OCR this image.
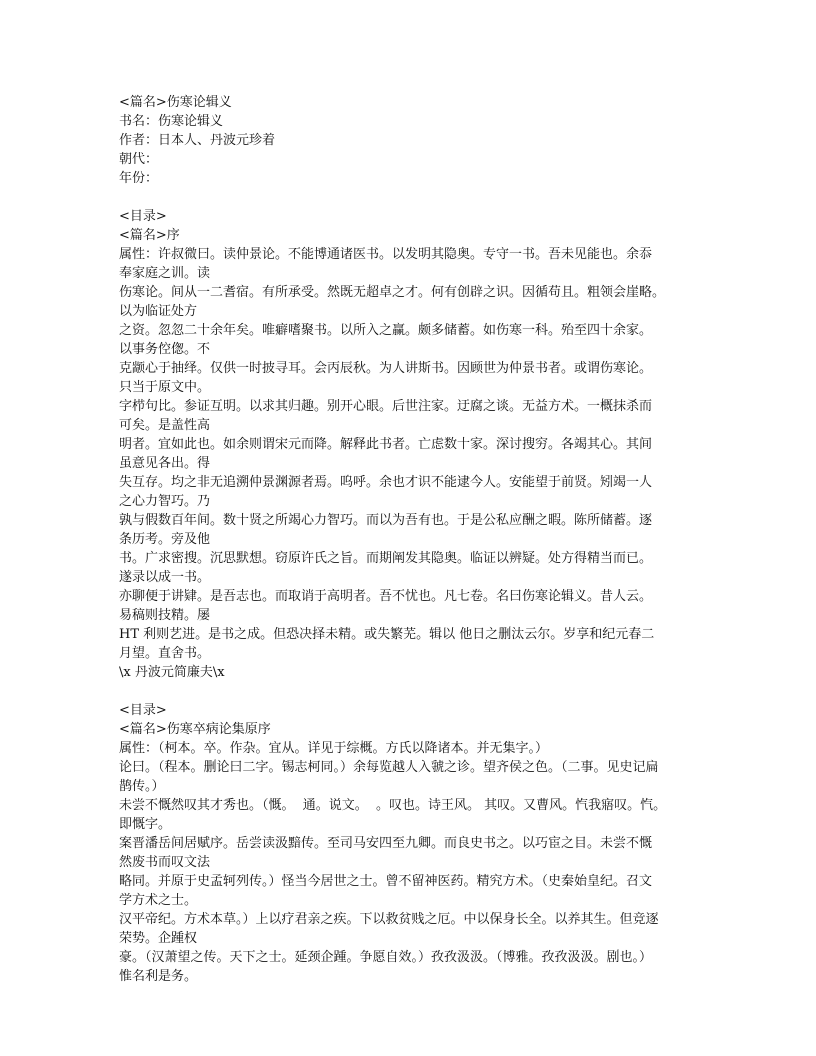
<篇名>伤寒论辑义
书名：伤寒论辑义
作者：日本人、丹波元珍着
朝代：
年份：
<目录>
<篇名>序
属性：许叔微曰。读仲景论。不能博通诸医书。以发明其隐奥。专守一书。吾未见能也。余忝
奉家庭之训。读
伤寒论。间从一二耆宿。有所承受。然既无超卓之才。何有创辟之识。因循苟且。粗领会崖略。
以为临证处方
之资。忽忽二十余年矣。唯癖嗜聚书。以所入之赢。颇多储蓄。如伤寒一科。殆至四十余家。
以事务倥偬。不
克颛心于抽绎。仅供一时披寻耳。会丙辰秋。为人讲斯书。因顾世为仲景书者。或谓伤寒论。
只当于原文中。
字栉句比。参证互明。以求其归趣。别开心眼。后世注家。迂腐之谈。无益方术。一概抹杀而
可矣。是盖性高
明者。宜如此也。如余则谓宋元而降。解释此书者。亡虑数十家。深讨搜穷。各竭其心。其间
虽意见各出。得
失互存。均之非无追溯仲景渊源者焉。呜呼。余也才识不能逮今人。安能望于前贤。矧竭一人
之心力智巧。乃
孰与假数百年间。数十贤之所竭心力智巧。而以为吾有也。于是公私应酬之暇。陈所储蓄。逐
条历考。旁及他
书。广求密搜。沉思默想。窃原许氏之旨。而期阐发其隐奥。临证以辨疑。处方得精当而已。
遂录以成一书。
亦聊便于讲肄。是吾志也。而取诮于高明者。吾不忧也。凡七卷。名曰伤寒论辑义。昔人云。
易稿则技精。屡
HT 利则艺进。是书之成。但恐决择未精。或失繁芜。辑以 他日之删汰云尔。岁享和纪元春二
月望。直舍书。
\x 丹波元简廉夫\x
<目录>
<篇名>伤寒卒病论集原序
属性：（柯本。卒。作杂。宜从。详见于综概。方氏以降诸本。并无集字。）
论曰。（程本。删论曰二字。锡志柯同。）余每览越人入虢之诊。望齐侯之色。（二事。见史记扁
鹊传。）
未尝不慨然叹其才秀也。（慨。  通。说文。  。叹也。诗王风。 其叹。又曹风。忾我寤叹。忾。
即慨字。
案晋潘岳间居赋序。岳尝读汲黯传。至司马安四至九卿。而良史书之。以巧宦之目。未尝不慨
然废书而叹文法
略同。并原于史孟轲列传。）怪当今居世之士。曾不留神医药。精究方术。（史秦始皇纪。召文
学方术之士。
汉平帝纪。方术本草。）上以疗君亲之疾。下以救贫贱之厄。中以保身长全。以养其生。但竞逐
荣势。企踵权
豪。（汉萧望之传。天下之士。延颈企踵。争愿自效。）孜孜汲汲。（博雅。孜孜汲汲。剧也。）
惟名利是务。
